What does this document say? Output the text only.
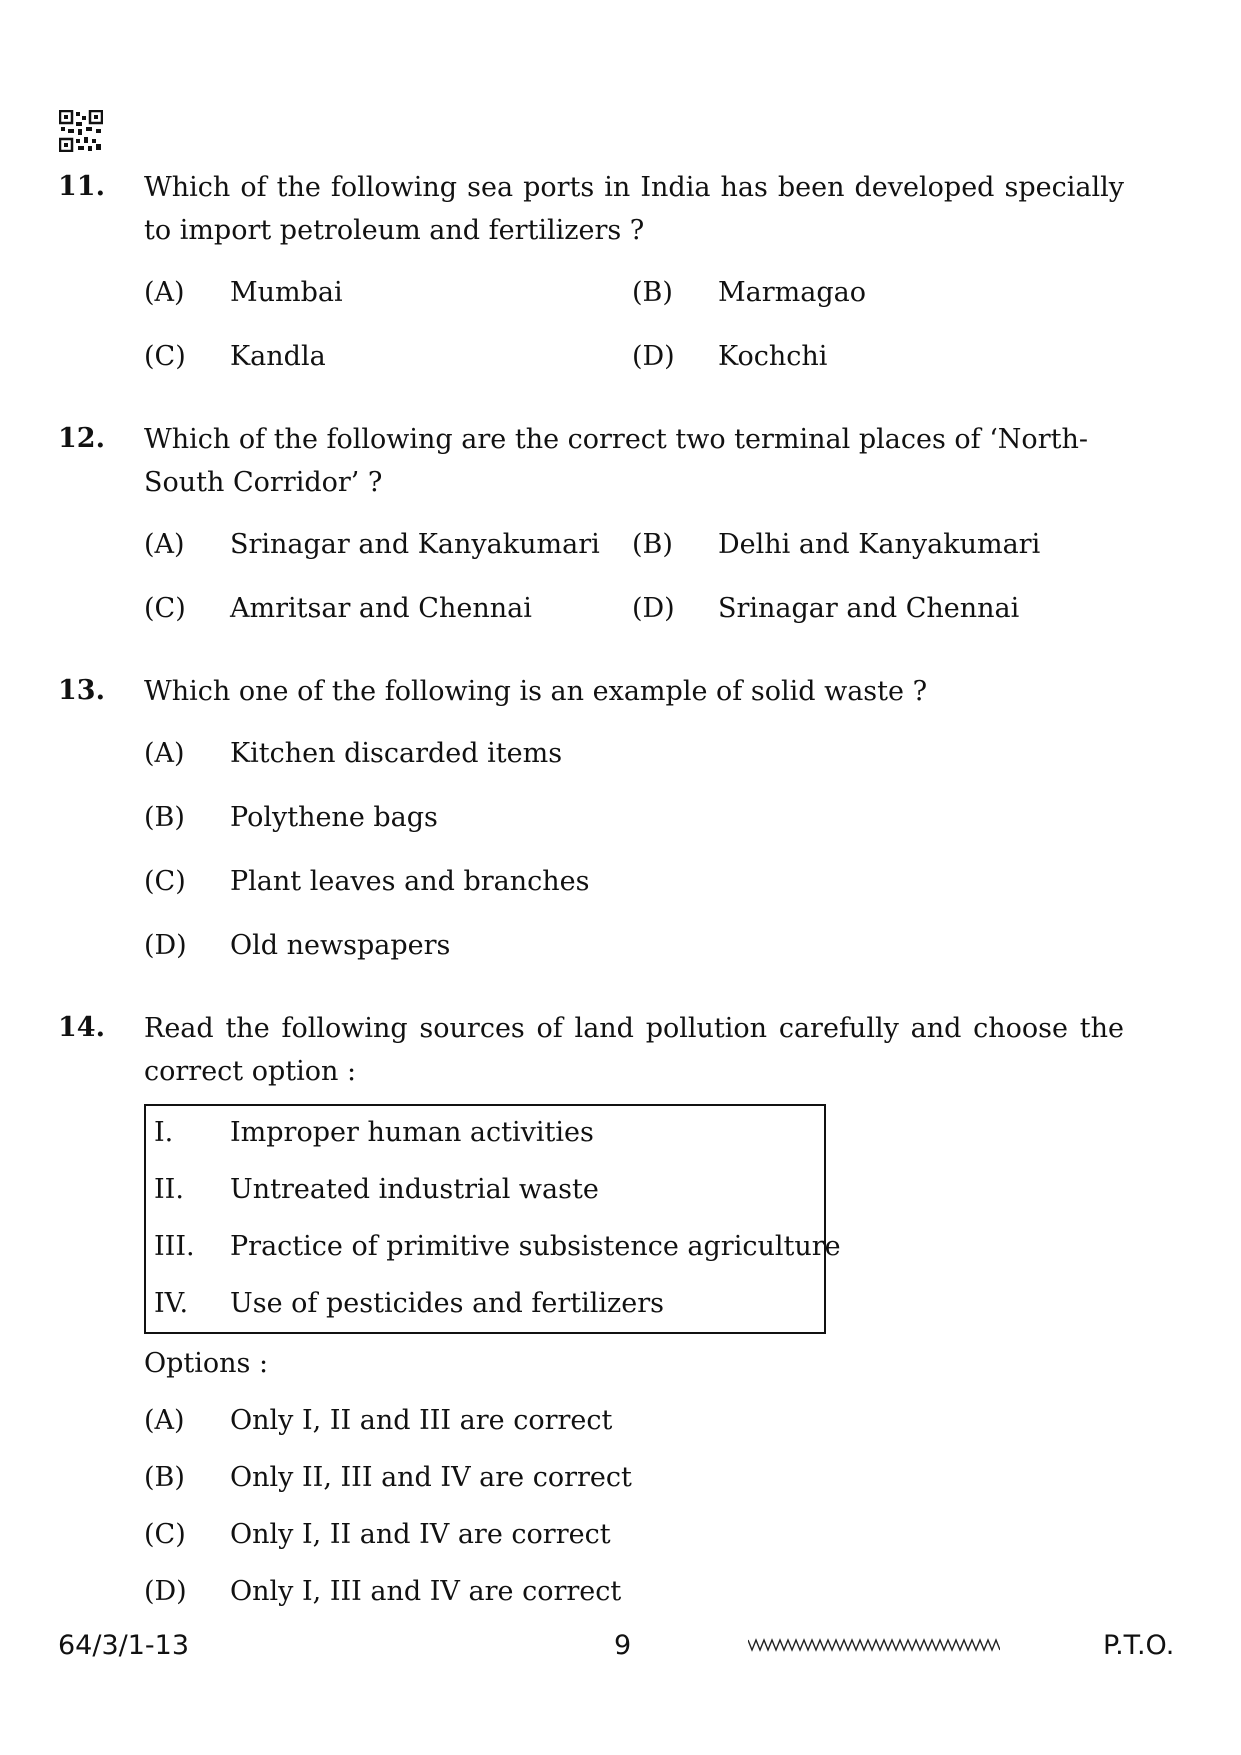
11. Which of the following sea ports in India has been developed specially to import petroleum and fertilizers ?
(A) Mumbai	(B) Marmagao
(C) Kandla	(D) Kochchi
12. Which of the following are the correct two terminal places of ‘North-South Corridor’ ?
(A) Srinagar and Kanyakumari (B) Delhi and Kanyakumari
(C) Amritsar and Chennai	(D) Srinagar and Chennai
13. Which one of the following is an example of solid waste ?
(A) Kitchen discarded items
(B) Polythene bags
(C) Plant leaves and branches
(D) Old newspapers
14. Read the following sources of land pollution carefully and choose the correct option :
I. Improper human activities
II. Untreated industrial waste
III. Practice of primitive subsistence agriculture
IV. Use of pesticides and fertilizers
Options :
(A) Only I, II and III are correct
(B) Only II, III and IV are correct
(C) Only I, II and IV are correct
(D) Only I, III and IV are correct
64/3/1-13	9	P.T.O.
